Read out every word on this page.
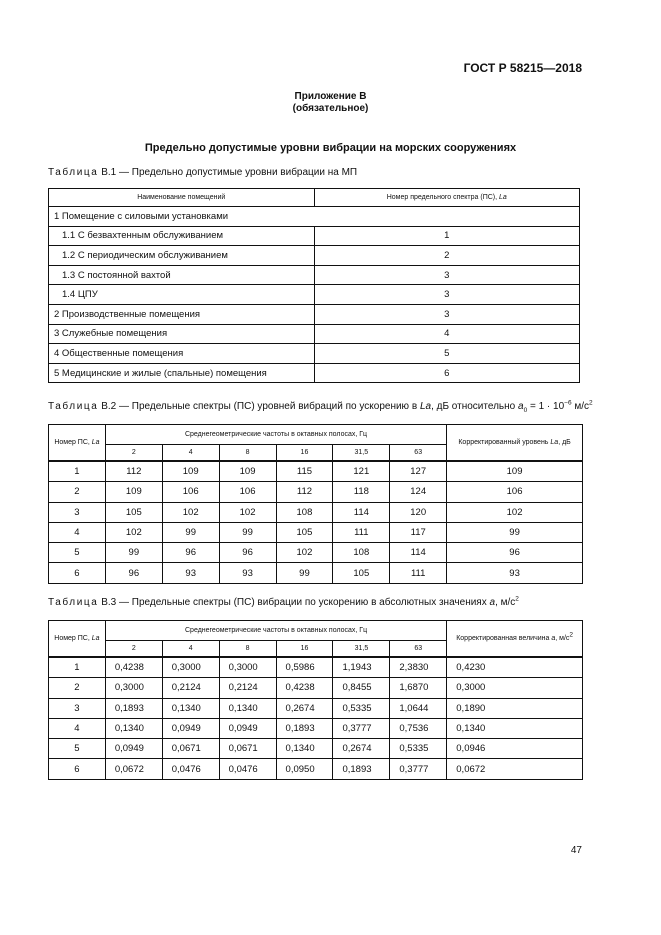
ГОСТ Р 58215—2018
Приложение В
(обязательное)
Предельно допустимые уровни вибрации на морских сооружениях
Таблица В.1 — Предельно допустимые уровни вибрации на МП
Наименование помещений	Номер предельного спектра (ПС), La
1 Помещение с силовыми установками	
1.1 С безвахтенным обслуживанием	1
1.2 С периодическим обслуживанием	2
1.3 С постоянной вахтой	3
1.4 ЦПУ	3
2 Производственные помещения	3
3 Служебные помещения	4
4 Общественные помещения	5
5 Медицинские и жилые (спальные) помещения	6
Таблица В.2 — Предельные спектры (ПС) уровней вибраций по ускорению в La, дБ относительно $a_0 = 1 \cdot 10^{-6}$ $м/с^2$
Номер ПС, La	Среднегеометрические частоты в октавных полосах, Гц						Корректированный уровень La, дБ
	2	4	8	16	31,5	63	
1	112	109	109	115	121	127	109
2	109	106	106	112	118	124	106
3	105	102	102	108	114	120	102
4	102	99	99	105	111	117	99
5	99	96	96	102	108	114	96
6	96	93	93	99	105	111	93
Таблица В.3 — Предельные спектры (ПС) вибрации по ускорению в абсолютных значениях a, $м/с^2$
Номер ПС, La	Среднегеометрические частоты в октавных полосах, Гц						Корректированная величина a, $м/с^2$
	2	4	8	16	31,5	63	
1	0,4238	0,3000	0,3000	0,5986	1,1943	2,3830	0,4230
2	0,3000	0,2124	0,2124	0,4238	0,8455	1,6870	0,3000
3	0,1893	0,1340	0,1340	0,2674	0,5335	1,0644	0,1890
4	0,1340	0,0949	0,0949	0,1893	0,3777	0,7536	0,1340
5	0,0949	0,0671	0,0671	0,1340	0,2674	0,5335	0,0946
6	0,0672	0,0476	0,0476	0,0950	0,1893	0,3777	0,0672
47
